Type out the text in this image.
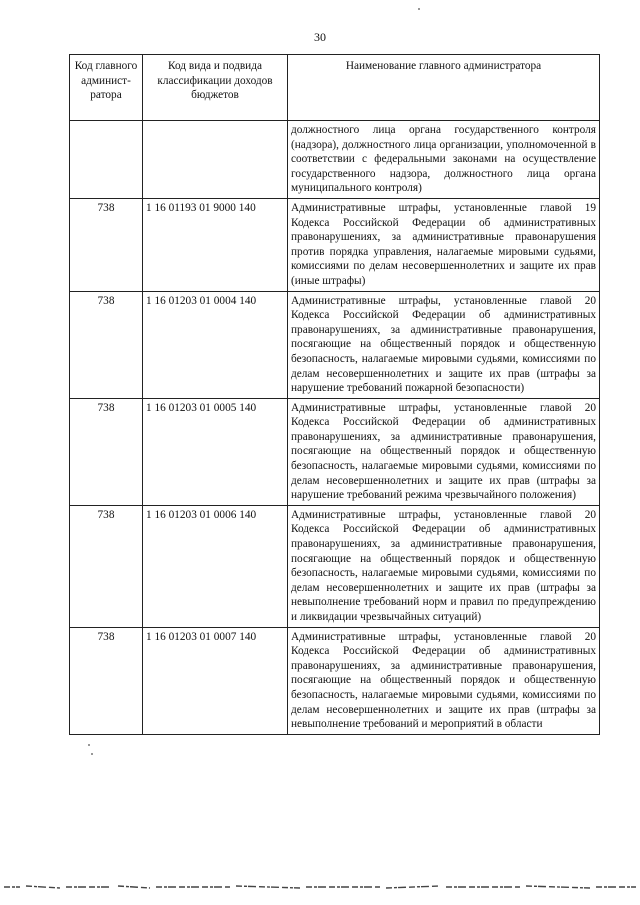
30
Код главного админист-ратора	Код вида и подвида классификации доходов бюджетов	Наименование главного администратора
		должностного лица органа государственного контроля (надзора), должностного лица организации, уполномоченной в соответствии с федеральными законами на осуществление государственного надзора, должностного лица органа муниципального контроля)
738	1 16 01193 01 9000 140	Административные штрафы, установленные главой 19 Кодекса Российской Федерации об административных правонарушениях, за административные правонарушения против порядка управления, налагаемые мировыми судьями, комиссиями по делам несовершеннолетних и защите их прав (иные штрафы)
738	1 16 01203 01 0004 140	Административные штрафы, установленные главой 20 Кодекса Российской Федерации об административных правонарушениях, за административные правонарушения, посягающие на общественный порядок и общественную безопасность, налагаемые мировыми судьями, комиссиями по делам несовершеннолетних и защите их прав (штрафы за нарушение требований пожарной безопасности)
738	1 16 01203 01 0005 140	Административные штрафы, установленные главой 20 Кодекса Российской Федерации об административных правонарушениях, за административные правонарушения, посягающие на общественный порядок и общественную безопасность, налагаемые мировыми судьями, комиссиями по делам несовершеннолетних и защите их прав (штрафы за нарушение требований режима чрезвычайного положения)
738	1 16 01203 01 0006 140	Административные штрафы, установленные главой 20 Кодекса Российской Федерации об административных правонарушениях, за административные правонарушения, посягающие на общественный порядок и общественную безопасность, налагаемые мировыми судьями, комиссиями по делам несовершеннолетних и защите их прав (штрафы за невыполнение требований норм и правил по предупреждению и ликвидации чрезвычайных ситуаций)
738	1 16 01203 01 0007 140	Административные штрафы, установленные главой 20 Кодекса Российской Федерации об административных правонарушениях, за административные правонарушения, посягающие на общественный порядок и общественную безопасность, налагаемые мировыми судьями, комиссиями по делам несовершеннолетних и защите их прав (штрафы за невыполнение требований и мероприятий в области
